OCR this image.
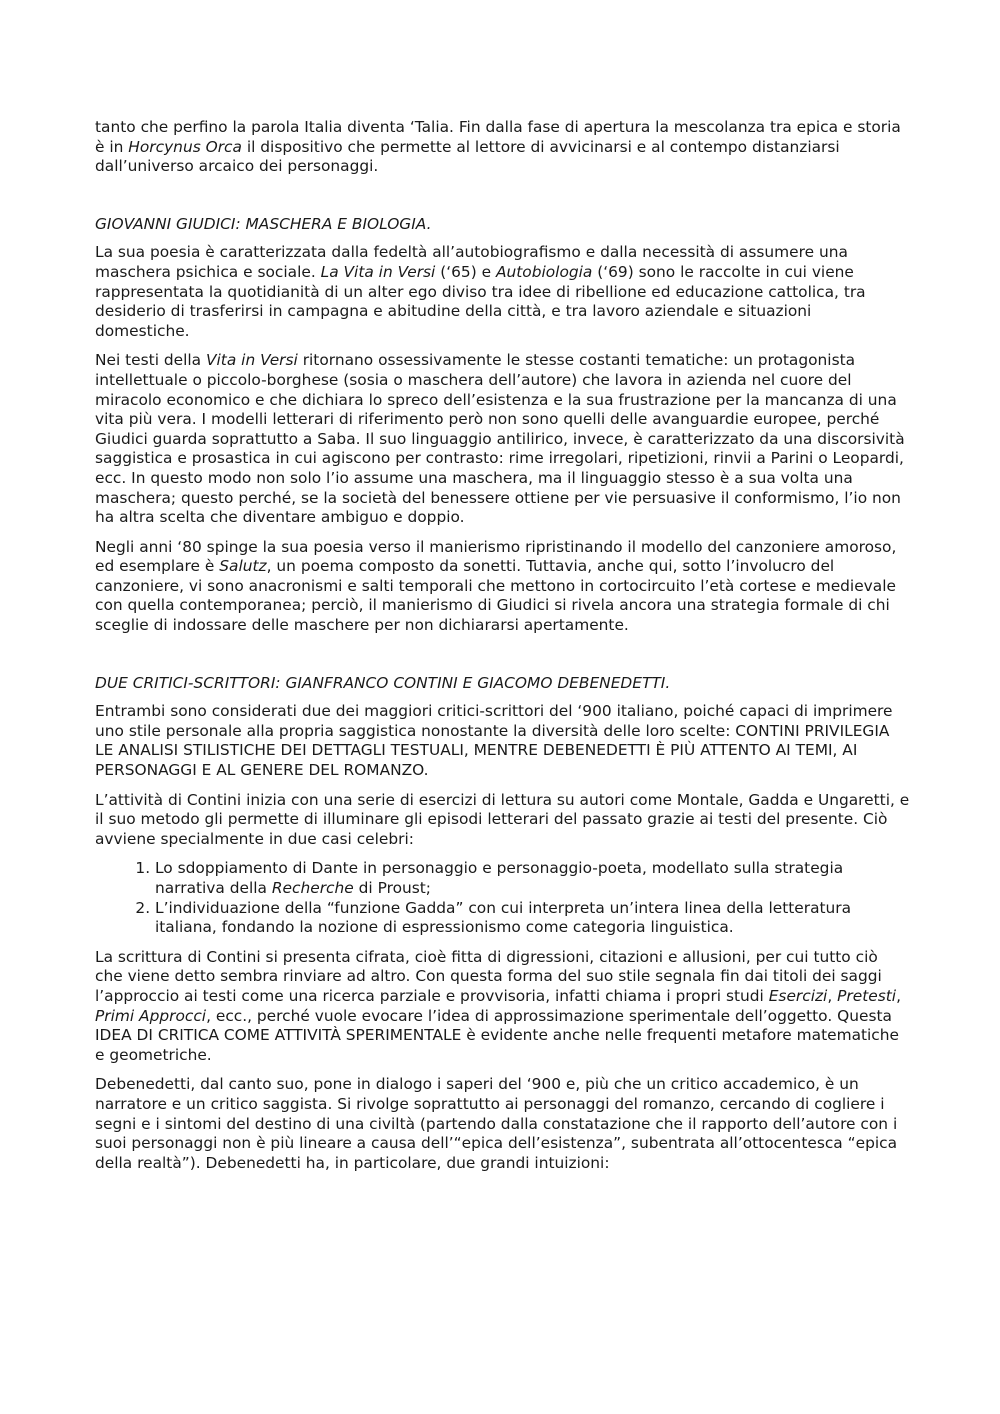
tanto che perfino la parola Italia diventa ‘Talia. Fin dalla fase di apertura la mescolanza tra epica e storia è in Horcynus Orca il dispositivo che permette al lettore di avvicinarsi e al contempo distanziarsi dall’universo arcaico dei personaggi.

GIOVANNI GIUDICI: MASCHERA E BIOLOGIA.

La sua poesia è caratterizzata dalla fedeltà all’autobiografismo e dalla necessità di assumere una maschera psichica e sociale. La Vita in Versi (‘65) e Autobiologia (‘69) sono le raccolte in cui viene rappresentata la quotidianità di un alter ego diviso tra idee di ribellione ed educazione cattolica, tra desiderio di trasferirsi in campagna e abitudine della città, e tra lavoro aziendale e situazioni domestiche.

Nei testi della Vita in Versi ritornano ossessivamente le stesse costanti tematiche: un protagonista intellettuale o piccolo-borghese (sosia o maschera dell’autore) che lavora in azienda nel cuore del miracolo economico e che dichiara lo spreco dell’esistenza e la sua frustrazione per la mancanza di una vita più vera. I modelli letterari di riferimento però non sono quelli delle avanguardie europee, perché Giudici guarda soprattutto a Saba. Il suo linguaggio antilirico, invece, è caratterizzato da una discorsività saggistica e prosastica in cui agiscono per contrasto: rime irregolari, ripetizioni, rinvii a Parini o Leopardi, ecc. In questo modo non solo l’io assume una maschera, ma il linguaggio stesso è a sua volta una maschera; questo perché, se la società del benessere ottiene per vie persuasive il conformismo, l’io non ha altra scelta che diventare ambiguo e doppio.

Negli anni ‘80 spinge la sua poesia verso il manierismo ripristinando il modello del canzoniere amoroso, ed esemplare è Salutz, un poema composto da sonetti. Tuttavia, anche qui, sotto l’involucro del canzoniere, vi sono anacronismi e salti temporali che mettono in cortocircuito l’età cortese e medievale con quella contemporanea; perciò, il manierismo di Giudici si rivela ancora una strategia formale di chi sceglie di indossare delle maschere per non dichiararsi apertamente.

DUE CRITICI-SCRITTORI: GIANFRANCO CONTINI E GIACOMO DEBENEDETTI.

Entrambi sono considerati due dei maggiori critici-scrittori del ‘900 italiano, poiché capaci di imprimere uno stile personale alla propria saggistica nonostante la diversità delle loro scelte: CONTINI PRIVILEGIA LE ANALISI STILISTICHE DEI DETTAGLI TESTUALI, MENTRE DEBENEDETTI È PIÙ ATTENTO AI TEMI, AI PERSONAGGI E AL GENERE DEL ROMANZO.

L’attività di Contini inizia con una serie di esercizi di lettura su autori come Montale, Gadda e Ungaretti, e il suo metodo gli permette di illuminare gli episodi letterari del passato grazie ai testi del presente. Ciò avviene specialmente in due casi celebri:

1. Lo sdoppiamento di Dante in personaggio e personaggio-poeta, modellato sulla strategia narrativa della Recherche di Proust;
2. L’individuazione della “funzione Gadda” con cui interpreta un’intera linea della letteratura italiana, fondando la nozione di espressionismo come categoria linguistica.

La scrittura di Contini si presenta cifrata, cioè fitta di digressioni, citazioni e allusioni, per cui tutto ciò che viene detto sembra rinviare ad altro. Con questa forma del suo stile segnala fin dai titoli dei saggi l’approccio ai testi come una ricerca parziale e provvisoria, infatti chiama i propri studi Esercizi, Pretesti, Primi Approcci, ecc., perché vuole evocare l’idea di approssimazione sperimentale dell’oggetto. Questa IDEA DI CRITICA COME ATTIVITÀ SPERIMENTALE è evidente anche nelle frequenti metafore matematiche e geometriche.

Debenedetti, dal canto suo, pone in dialogo i saperi del ‘900 e, più che un critico accademico, è un narratore e un critico saggista. Si rivolge soprattutto ai personaggi del romanzo, cercando di cogliere i segni e i sintomi del destino di una civiltà (partendo dalla constatazione che il rapporto dell’autore con i suoi personaggi non è più lineare a causa dell’“epica dell’esistenza”, subentrata all’ottocentesca “epica della realtà”). Debenedetti ha, in particolare, due grandi intuizioni:
